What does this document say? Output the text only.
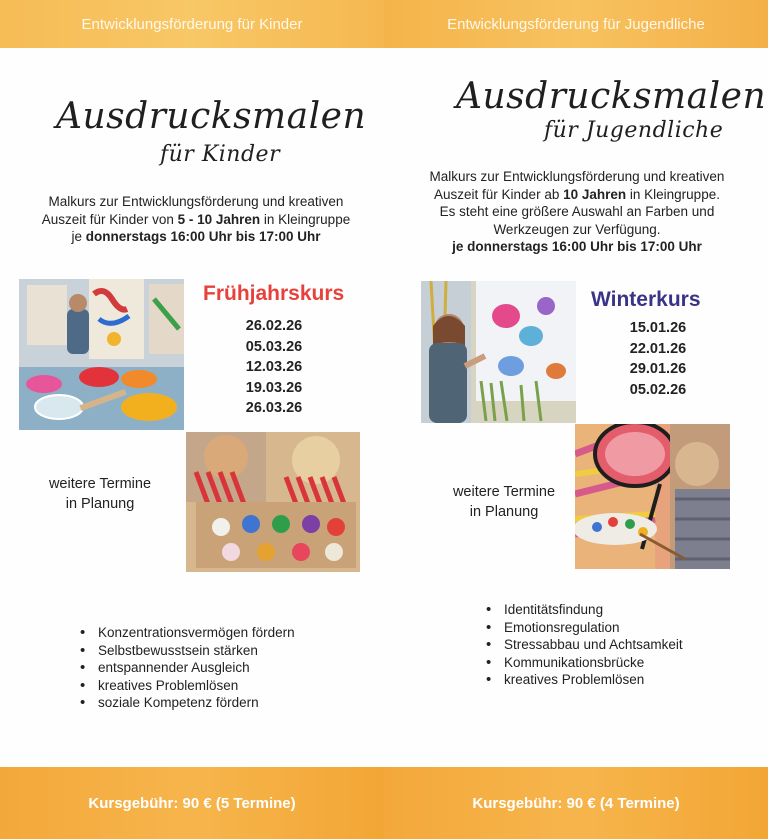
Entwicklungsförderung für Kinder
Ausdrucksmalen
für Kinder
Malkurs zur Entwicklungsförderung und kreativen
Auszeit für Kinder von 5 - 10 Jahren in Kleingruppe
je donnerstags 16:00 Uhr bis 17:00 Uhr
Frühjahrskurs
26.02.26
05.03.26
12.03.26
19.03.26
26.03.26
weitere Termine
in Planung
• Konzentrationsvermögen fördern
• Selbstbewusstsein stärken
• entspannender Ausgleich
• kreatives Problemlösen
• soziale Kompetenz fördern
Kursgebühr: 90 € (5 Termine)
Entwicklungsförderung für Jugendliche
Ausdrucksmalen
für Jugendliche
Malkurs zur Entwicklungsförderung und kreativen
Auszeit für Kinder ab 10 Jahren in Kleingruppe.
Es steht eine größere Auswahl an Farben und
Werkzeugen zur Verfügung.
je donnerstags 16:00 Uhr bis 17:00 Uhr
Winterkurs
15.01.26
22.01.26
29.01.26
05.02.26
weitere Termine
in Planung
• Identitätsfindung
• Emotionsregulation
• Stressabbau und Achtsamkeit
• Kommunikationsbrücke
• kreatives Problemlösen
Kursgebühr: 90 € (4 Termine)
